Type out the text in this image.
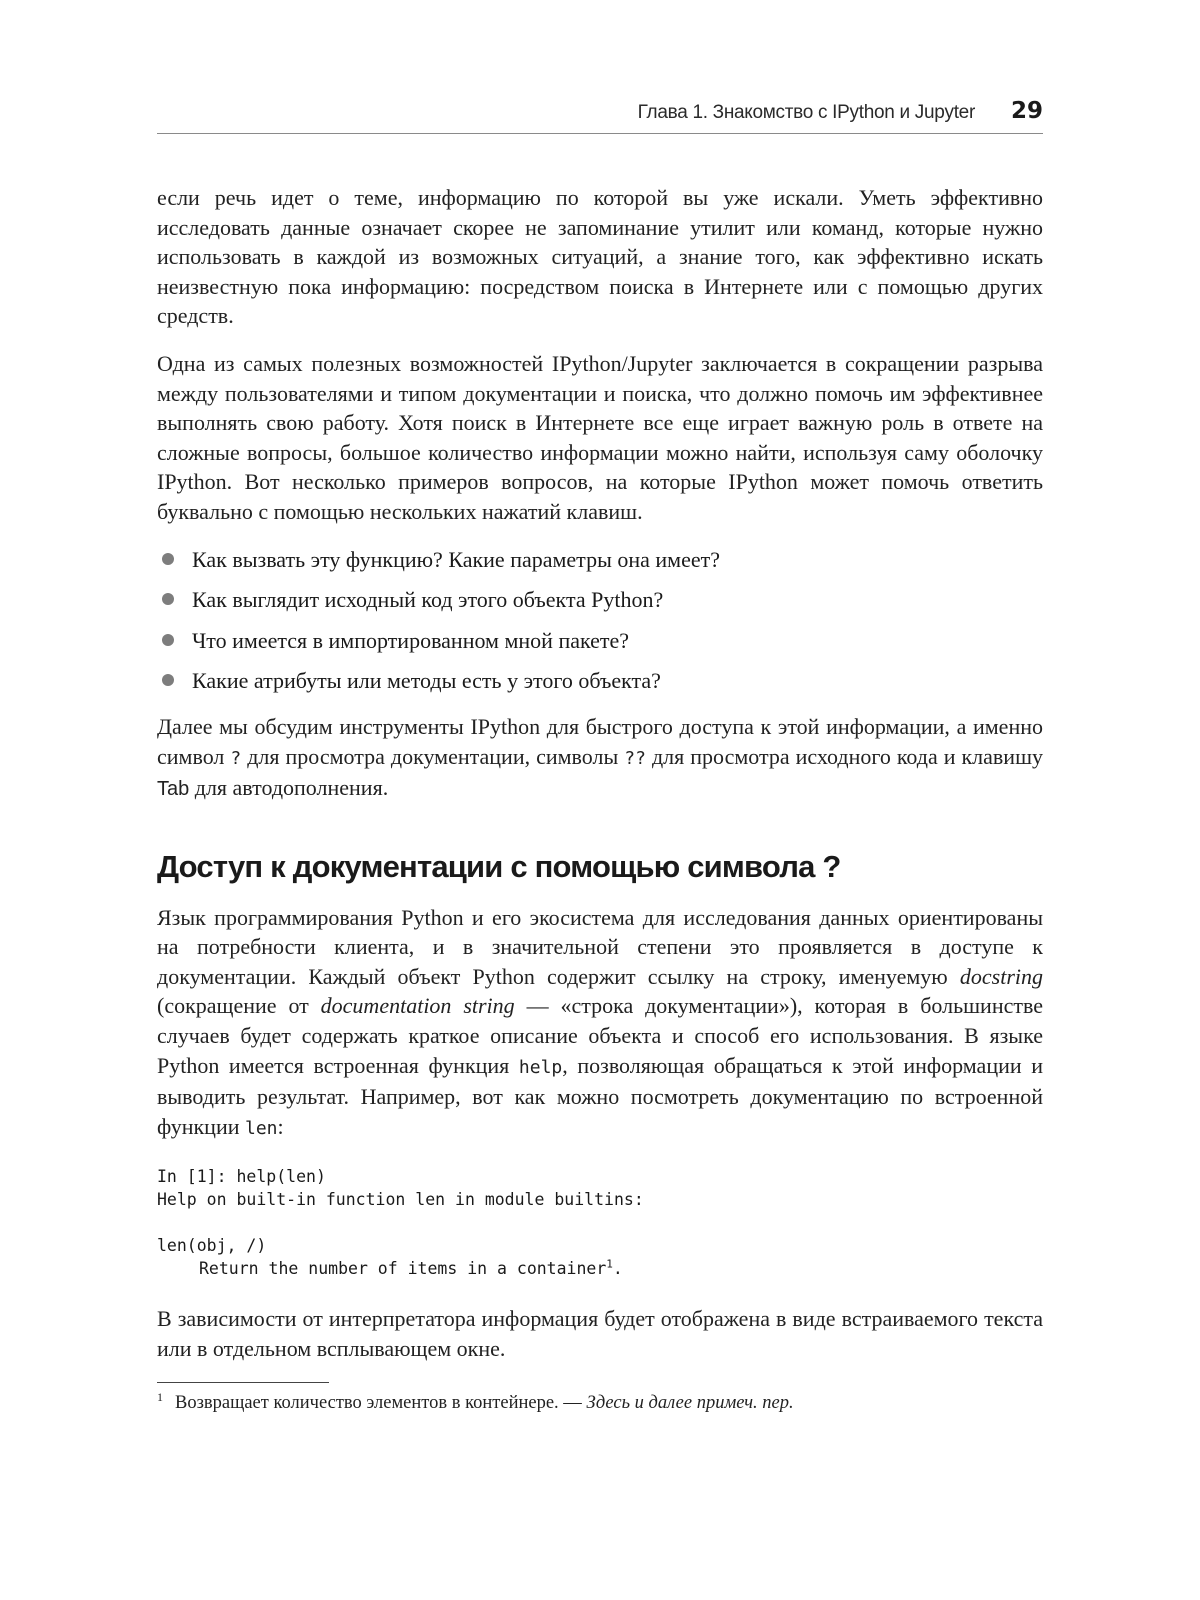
Глава 1. Знакомство с IPython и Jupyter 29

если речь идет о теме, информацию по которой вы уже искали. Уметь эффективно исследовать данные означает скорее не запоминание утилит или команд, которые нужно использовать в каждой из возможных ситуаций, а знание того, как эффективно искать неизвестную пока информацию: посредством поиска в Интернете или с помощью других средств.

Одна из самых полезных возможностей IPython/Jupyter заключается в сокращении разрыва между пользователями и типом документации и поиска, что должно помочь им эффективнее выполнять свою работу. Хотя поиск в Интернете все еще играет важную роль в ответе на сложные вопросы, большое количество информации можно найти, используя саму оболочку IPython. Вот несколько примеров вопросов, на которые IPython может помочь ответить буквально с помощью нескольких нажатий клавиш.

Как вызвать эту функцию? Какие параметры она имеет?
Как выглядит исходный код этого объекта Python?
Что имеется в импортированном мной пакете?
Какие атрибуты или методы есть у этого объекта?

Далее мы обсудим инструменты IPython для быстрого доступа к этой информации, а именно символ ? для просмотра документации, символы ?? для просмотра исходного кода и клавишу Tab для автодополнения.

Доступ к документации с помощью символа ?

Язык программирования Python и его экосистема для исследования данных ориентированы на потребности клиента, и в значительной степени это проявляется в доступе к документации. Каждый объект Python содержит ссылку на строку, именуемую docstring (сокращение от documentation string — «строка документации»), которая в большинстве случаев будет содержать краткое описание объекта и способ его использования. В языке Python имеется встроенная функция help, позволяющая обращаться к этой информации и выводить результат. Например, вот как можно посмотреть документацию по встроенной функции len:

In [1]: help(len)
Help on built-in function len in module builtins:

len(obj, /)
Return the number of items in a container$^1$.

В зависимости от интерпретатора информация будет отображена в виде встраиваемого текста или в отдельном всплывающем окне.

1 Возвращает количество элементов в контейнере. — Здесь и далее примеч. пер.
